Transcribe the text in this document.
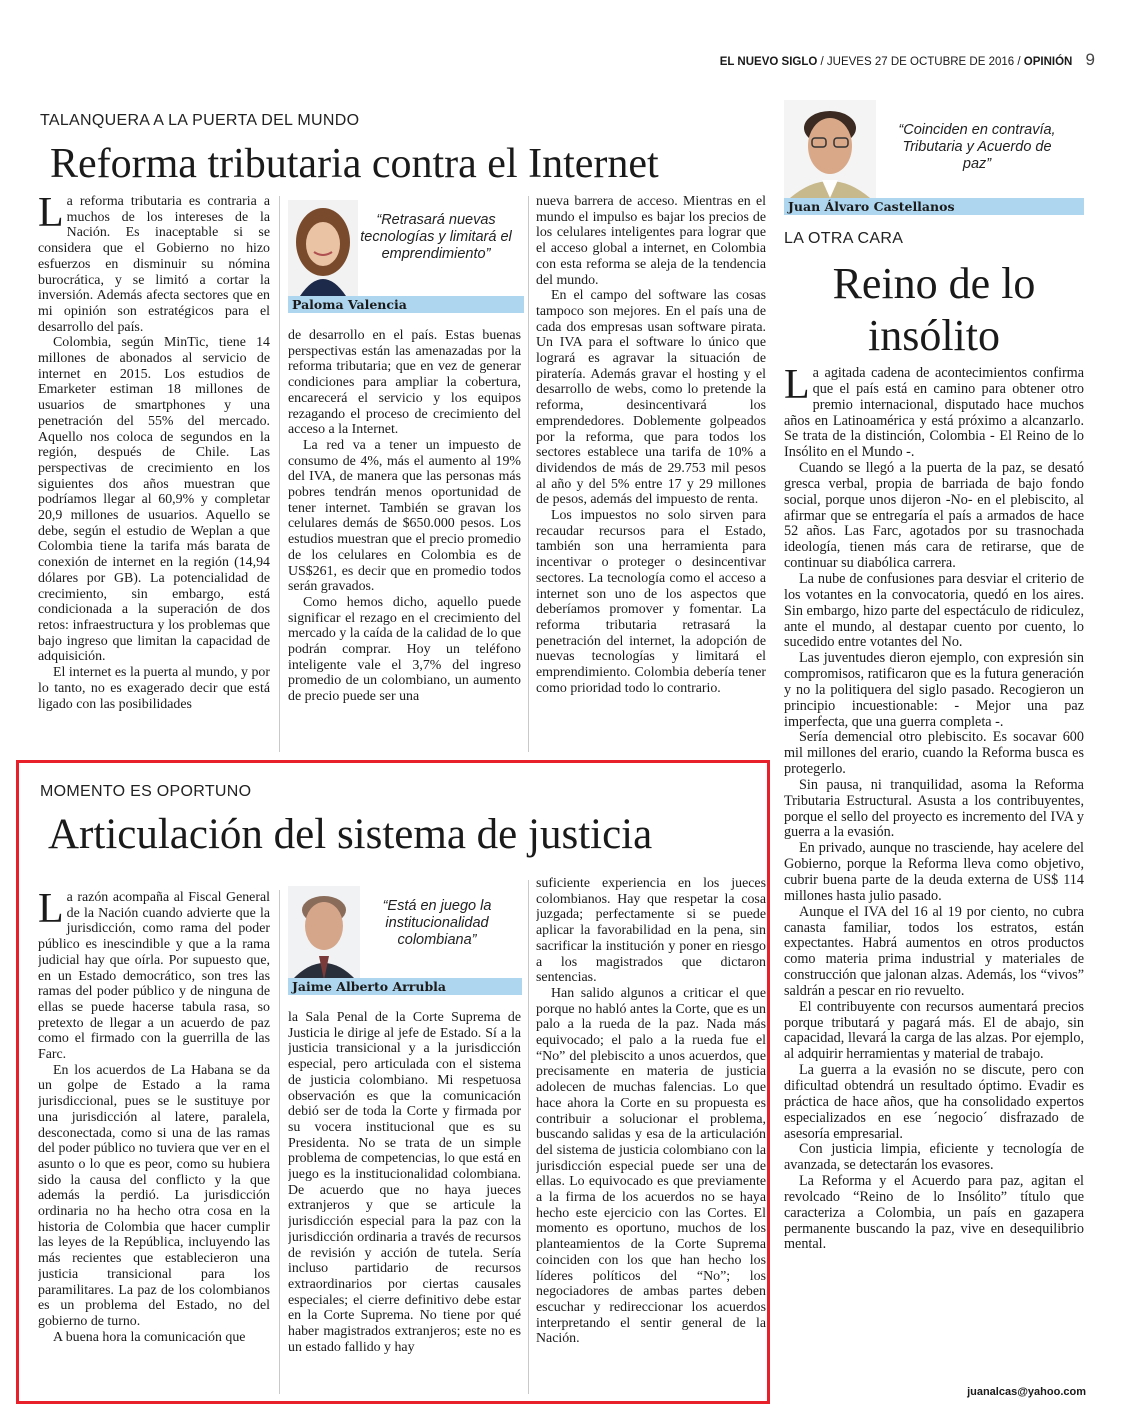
EL NUEVO SIGLO / JUEVES 27 DE OCTUBRE DE 2016 / OPINIÓN 9
TALANQUERA A LA PUERTA DEL MUNDO
Reforma tributaria contra el Internet

La reforma tributaria es contraria a muchos de los intereses de la Nación. Es inaceptable si se considera que el Gobierno no hizo esfuerzos en disminuir su nómina burocrática, y se limitó a cortar la inversión. Además afecta sectores que en mi opinión son estratégicos para el desarrollo del país.

Colombia, según MinTic, tiene 14 millones de abonados al servicio de internet en 2015. Los estudios de Emarketer estiman 18 millones de usuarios de smartphones y una penetración del 55% del mercado. Aquello nos coloca de segundos en la región, después de Chile. Las perspectivas de crecimiento en los siguientes dos años muestran que podríamos llegar al 60,9% y completar 20,9 millones de usuarios. Aquello se debe, según el estudio de Weplan a que Colombia tiene la tarifa más barata de conexión de internet en la región (14,94 dólares por GB). La potencialidad de crecimiento, sin embargo, está condicionada a la superación de dos retos: infraestructura y los problemas que bajo ingreso que limitan la capacidad de adquisición.

El internet es la puerta al mundo, y por lo tanto, no es exagerado decir que está ligado con las posibilidades

“Retrasará nuevas tecnologías y limitará el emprendimiento”
Paloma Valencia

de desarrollo en el país. Estas buenas perspectivas están las amenazadas por la reforma tributaria; que en vez de generar condiciones para ampliar la cobertura, encarecerá el servicio y los equipos rezagando el proceso de crecimiento del acceso a la Internet.

La red va a tener un impuesto de consumo de 4%, más el aumento al 19% del IVA, de manera que las personas más pobres tendrán menos oportunidad de tener internet. También se gravan los celulares demás de $650.000 pesos. Los estudios muestran que el precio promedio de los celulares en Colombia es de US$261, es decir que en promedio todos serán gravados.

Como hemos dicho, aquello puede significar el rezago en el crecimiento del mercado y la caída de la calidad de lo que podrán comprar. Hoy un teléfono inteligente vale el 3,7% del ingreso promedio de un colombiano, un aumento de precio puede ser una

nueva barrera de acceso. Mientras en el mundo el impulso es bajar los precios de los celulares inteligentes para lograr que el acceso global a internet, en Colombia con esta reforma se aleja de la tendencia del mundo.

En el campo del software las cosas tampoco son mejores. En el país una de cada dos empresas usan software pirata. Un IVA para el software lo único que logrará es agravar la situación de piratería. Además gravar el hosting y el desarrollo de webs, como lo pretende la reforma, desincentivará los emprendedores. Doblemente golpeados por la reforma, que para todos los sectores establece una tarifa de 10% a dividendos de más de 29.753 mil pesos al año y del 5% entre 17 y 29 millones de pesos, además del impuesto de renta.

Los impuestos no solo sirven para recaudar recursos para el Estado, también son una herramienta para incentivar o proteger o desincentivar sectores. La tecnología como el acceso a internet son uno de los aspectos que deberíamos promover y fomentar. La reforma tributaria retrasará la penetración del internet, la adopción de nuevas tecnologías y limitará el emprendimiento. Colombia debería tener como prioridad todo lo contrario.

“Coinciden en contravía, Tributaria y Acuerdo de paz”
Juan Álvaro Castellanos
LA OTRA CARA
Reino de lo
insólito

La agitada cadena de acontecimientos confirma que el país está en camino para obtener otro premio internacional, disputado hace muchos años en Latinoamérica y está próximo a alcanzarlo. Se trata de la distinción, Colombia - El Reino de lo Insólito en el Mundo -.

Cuando se llegó a la puerta de la paz, se desató gresca verbal, propia de barriada de bajo fondo social, porque unos dijeron -No- en el plebiscito, al afirmar que se entregaría el país a armados de hace 52 años. Las Farc, agotados por su trasnochada ideología, tienen más cara de retirarse, que de continuar su diabólica carrera.

La nube de confusiones para desviar el criterio de los votantes en la convocatoria, quedó en los aires. Sin embargo, hizo parte del espectáculo de ridiculez, ante el mundo, al destapar cuento por cuento, lo sucedido entre votantes del No.

Las juventudes dieron ejemplo, con expresión sin compromisos, ratificaron que es la futura generación y no la politiquera del siglo pasado. Recogieron un principio incuestionable: - Mejor una paz imperfecta, que una guerra completa -.

Sería demencial otro plebiscito. Es socavar 600 mil millones del erario, cuando la Reforma busca es protegerlo.

Sin pausa, ni tranquilidad, asoma la Reforma Tributaria Estructural. Asusta a los contribuyentes, porque el sello del proyecto es incremento del IVA y guerra a la evasión.

En privado, aunque no trasciende, hay acelere del Gobierno, porque la Reforma lleva como objetivo, cubrir buena parte de la deuda externa de US$ 114 millones hasta julio pasado.

Aunque el IVA del 16 al 19 por ciento, no cubra canasta familiar, todos los estratos, están expectantes. Habrá aumentos en otros productos como materia prima industrial y materiales de construcción que jalonan alzas. Además, los “vivos” saldrán a pescar en rio revuelto.

El contribuyente con recursos aumentará precios porque tributará y pagará más. El de abajo, sin capacidad, llevará la carga de las alzas. Por ejemplo, al adquirir herramientas y material de trabajo.

La guerra a la evasión no se discute, pero con dificultad obtendrá un resultado óptimo. Evadir es práctica de hace años, que ha consolidado expertos especializados en ese ´negocio´ disfrazado de asesoría empresarial.

Con justicia limpia, eficiente y tecnología de avanzada, se detectarán los evasores.

La Reforma y el Acuerdo para paz, agitan el revolcado “Reino de lo Insólito” título que caracteriza a Colombia, un país en gazapera permanente buscando la paz, vive en desequilibrio mental.

juanalcas@yahoo.com
MOMENTO ES OPORTUNO
Articulación del sistema de justicia

La razón acompaña al Fiscal General de la Nación cuando advierte que la jurisdicción, como rama del poder público es inescindible y que a la rama judicial hay que oírla. Por supuesto que, en un Estado democrático, son tres las ramas del poder público y de ninguna de ellas se puede hacerse tabula rasa, so pretexto de llegar a un acuerdo de paz como el firmado con la guerrilla de las Farc.

En los acuerdos de La Habana se da un golpe de Estado a la rama jurisdiccional, pues se le sustituye por una jurisdicción al latere, paralela, desconectada, como si una de las ramas del poder público no tuviera que ver en el asunto o lo que es peor, como su hubiera sido la causa del conflicto y la que además la perdió. La jurisdicción ordinaria no ha hecho otra cosa en la historia de Colombia que hacer cumplir las leyes de la República, incluyendo las más recientes que establecieron una justicia transicional para los paramilitares. La paz de los colombianos es un problema del Estado, no del gobierno de turno.

A buena hora la comunicación que

“Está en juego la institucionalidad colombiana”
Jaime Alberto Arrubla

la Sala Penal de la Corte Suprema de Justicia le dirige al jefe de Estado. Sí a la justicia transicional y a la jurisdicción especial, pero articulada con el sistema de justicia colombiano. Mi respetuosa observación es que la comunicación debió ser de toda la Corte y firmada por su vocera institucional que es su Presidenta. No se trata de un simple problema de competencias, lo que está en juego es la institucionalidad colombiana. De acuerdo que no haya jueces extranjeros y que se articule la jurisdicción especial para la paz con la jurisdicción ordinaria a través de recursos de revisión y acción de tutela. Sería incluso partidario de recursos extraordinarios por ciertas causales especiales; el cierre definitivo debe estar en la Corte Suprema. No tiene por qué haber magistrados extranjeros; este no es un estado fallido y hay

suficiente experiencia en los jueces colombianos. Hay que respetar la cosa juzgada; perfectamente si se puede aplicar la favorabilidad en la pena, sin sacrificar la institución y poner en riesgo a los magistrados que dictaron sentencias.

Han salido algunos a criticar el que porque no habló antes la Corte, que es un palo a la rueda de la paz. Nada más equivocado; el palo a la rueda fue el “No” del plebiscito a unos acuerdos, que precisamente en materia de justicia adolecen de muchas falencias. Lo que hace ahora la Corte en su propuesta es contribuir a solucionar el problema, buscando salidas y esa de la articulación del sistema de justicia colombiano con la jurisdicción especial puede ser una de ellas. Lo equivocado es que previamente a la firma de los acuerdos no se haya hecho este ejercicio con las Cortes. El momento es oportuno, muchos de los planteamientos de la Corte Suprema coinciden con los que han hecho los líderes políticos del “No”; los negociadores de ambas partes deben escuchar y redireccionar los acuerdos interpretando el sentir general de la Nación.
